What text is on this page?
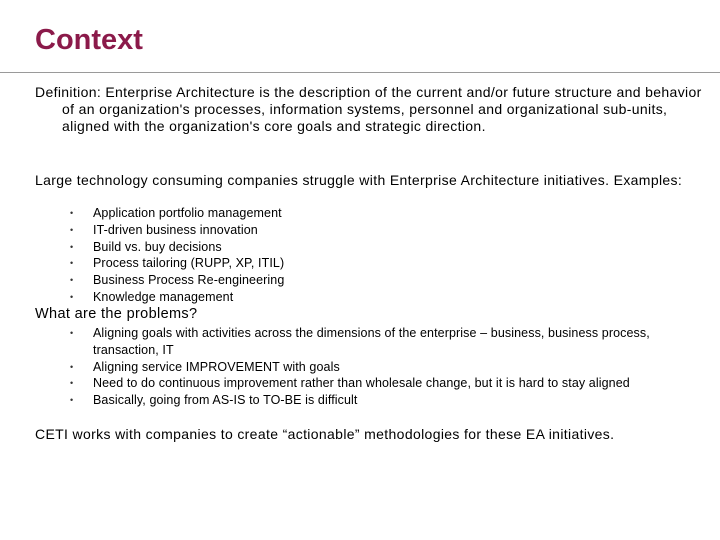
Context

Definition: Enterprise Architecture is the description of the current and/or future structure and behavior of an organization's processes, information systems, personnel and organizational sub-units, aligned with the organization's core goals and strategic direction.

Large technology consuming companies struggle with Enterprise Architecture initiatives. Examples:

•	Application portfolio management
•	IT-driven business innovation
•	Build vs. buy decisions
•	Process tailoring (RUPP, XP, ITIL)
•	Business Process Re-engineering
•	Knowledge management

What are the problems?

•	Aligning goals with activities across the dimensions of the enterprise – business, business process, transaction, IT
•	Aligning service IMPROVEMENT with goals
•	Need to do continuous improvement rather than wholesale change, but it is hard to stay aligned
•	Basically, going from AS-IS to TO-BE is difficult

CETI works with companies to create “actionable” methodologies for these EA initiatives.
